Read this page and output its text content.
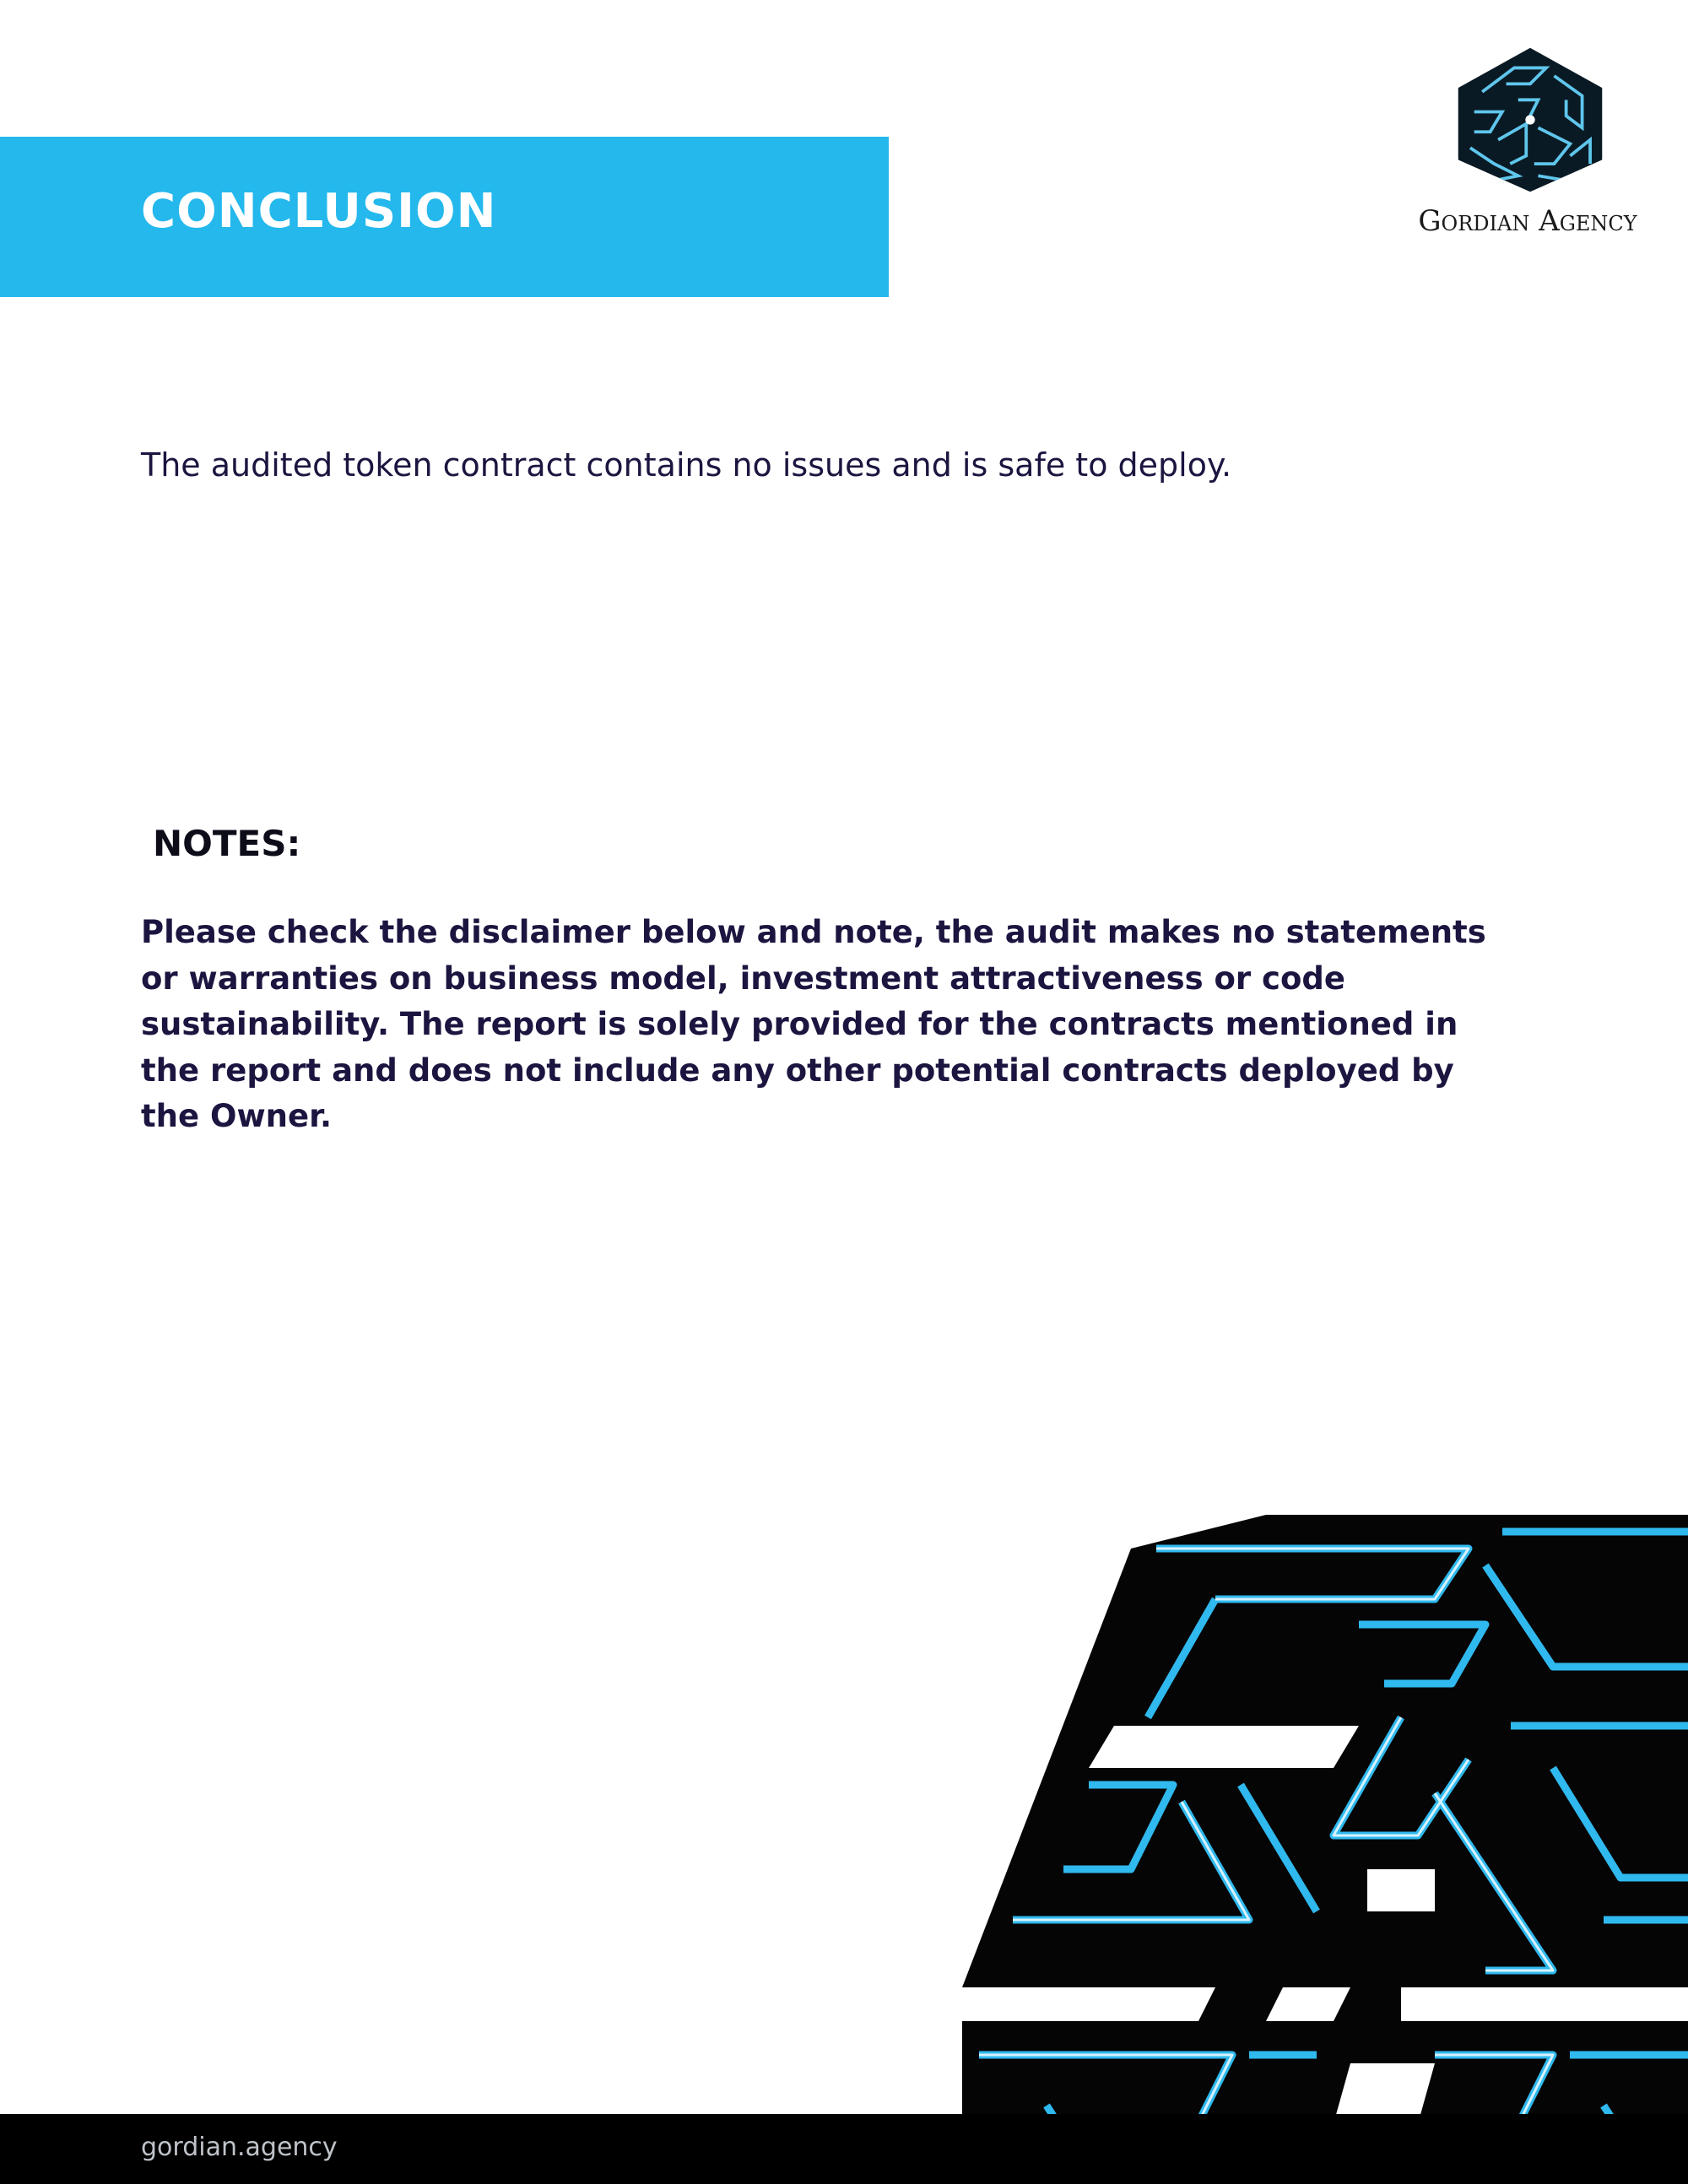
CONCLUSION	Gordian Agency

The audited token contract contains no issues and is safe to deploy.

NOTES:

Please check the disclaimer below and note, the audit makes no statements or warranties on business model, investment attractiveness or code sustainability. The report is solely provided for the contracts mentioned in the report and does not include any other potential contracts deployed by the Owner.

gordian.agency
